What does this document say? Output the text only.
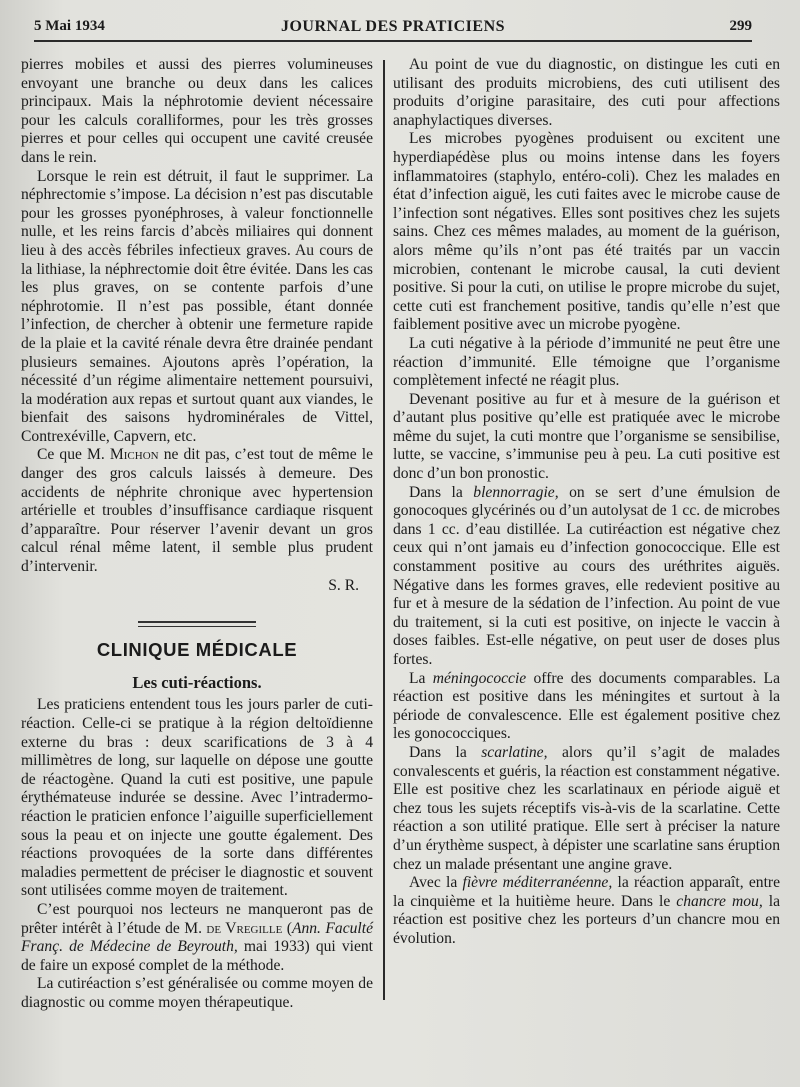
5 Mai 1934	JOURNAL DES PRATICIENS	299

pierres mobiles et aussi des pierres volumineuses envoyant une branche ou deux dans les calices principaux. Mais la néphrotomie devient nécessaire pour les calculs coralliformes, pour les très grosses pierres et pour celles qui occupent une cavité creusée dans le rein.

Lorsque le rein est détruit, il faut le supprimer. La néphrectomie s’impose. La décision n’est pas discutable pour les grosses pyonéphroses, à valeur fonctionnelle nulle, et les reins farcis d’abcès miliaires qui donnent lieu à des accès fébriles infectieux graves. Au cours de la lithiase, la néphrectomie doit être évitée. Dans les cas les plus graves, on se contente parfois d’une néphrotomie. Il n’est pas possible, étant donnée l’infection, de chercher à obtenir une fermeture rapide de la plaie et la cavité rénale devra être drainée pendant plusieurs semaines. Ajoutons après l’opération, la nécessité d’un régime alimentaire nettement poursuivi, la modération aux repas et surtout quant aux viandes, le bienfait des saisons hydrominérales de Vittel, Contrexéville, Capvern, etc.

Ce que M. Michon ne dit pas, c’est tout de même le danger des gros calculs laissés à demeure. Des accidents de néphrite chronique avec hypertension artérielle et troubles d’insuffisance cardiaque risquent d’apparaître. Pour réserver l’avenir devant un gros calcul rénal même latent, il semble plus prudent d’intervenir.

S. R.

CLINIQUE MÉDICALE
Les cuti-réactions.

Les praticiens entendent tous les jours parler de cuti-réaction. Celle-ci se pratique à la région deltoïdienne externe du bras : deux scarifications de 3 à 4 millimètres de long, sur laquelle on dépose une goutte de réactogène. Quand la cuti est positive, une papule érythémateuse indurée se dessine. Avec l’intradermo-réaction le praticien enfonce l’aiguille superficiellement sous la peau et on injecte une goutte également. Des réactions provoquées de la sorte dans différentes maladies permettent de préciser le diagnostic et souvent sont utilisées comme moyen de traitement.

C’est pourquoi nos lecteurs ne manqueront pas de prêter intérêt à l’étude de M. de Vregille (Ann. Faculté Franç. de Médecine de Beyrouth, mai 1933) qui vient de faire un exposé complet de la méthode.

La cutiréaction s’est généralisée ou comme moyen de diagnostic ou comme moyen thérapeutique.

Au point de vue du diagnostic, on distingue les cuti en utilisant des produits microbiens, des cuti utilisent des produits d’origine parasitaire, des cuti pour affections anaphylactiques diverses.

Les microbes pyogènes produisent ou excitent une hyperdiapédèse plus ou moins intense dans les foyers inflammatoires (staphylo, entéro-coli). Chez les malades en état d’infection aiguë, les cuti faites avec le microbe cause de l’infection sont négatives. Elles sont positives chez les sujets sains. Chez ces mêmes malades, au moment de la guérison, alors même qu’ils n’ont pas été traités par un vaccin microbien, contenant le microbe causal, la cuti devient positive. Si pour la cuti, on utilise le propre microbe du sujet, cette cuti est franchement positive, tandis qu’elle n’est que faiblement positive avec un microbe pyogène.

La cuti négative à la période d’immunité ne peut être une réaction d’immunité. Elle témoigne que l’organisme complètement infecté ne réagit plus.

Devenant positive au fur et à mesure de la guérison et d’autant plus positive qu’elle est pratiquée avec le microbe même du sujet, la cuti montre que l’organisme se sensibilise, lutte, se vaccine, s’immunise peu à peu. La cuti positive est donc d’un bon pronostic.

Dans la blennorragie, on se sert d’une émulsion de gonocoques glycérinés ou d’un autolysat de 1 cc. de microbes dans 1 cc. d’eau distillée. La cutiréaction est négative chez ceux qui n’ont jamais eu d’infection gonococcique. Elle est constamment positive au cours des uréthrites aiguës. Négative dans les formes graves, elle redevient positive au fur et à mesure de la sédation de l’infection. Au point de vue du traitement, si la cuti est positive, on injecte le vaccin à doses faibles. Est-elle négative, on peut user de doses plus fortes.

La méningococcie offre des documents comparables. La réaction est positive dans les méningites et surtout à la période de convalescence. Elle est également positive chez les gonococciques.

Dans la scarlatine, alors qu’il s’agit de malades convalescents et guéris, la réaction est constamment négative. Elle est positive chez les scarlatinaux en période aiguë et chez tous les sujets réceptifs vis-à-vis de la scarlatine. Cette réaction a son utilité pratique. Elle sert à préciser la nature d’un érythème suspect, à dépister une scarlatine sans éruption chez un malade présentant une angine grave.

Avec la fièvre méditerranéenne, la réaction apparaît, entre la cinquième et la huitième heure. Dans le chancre mou, la réaction est positive chez les porteurs d’un chancre mou en évolution.
